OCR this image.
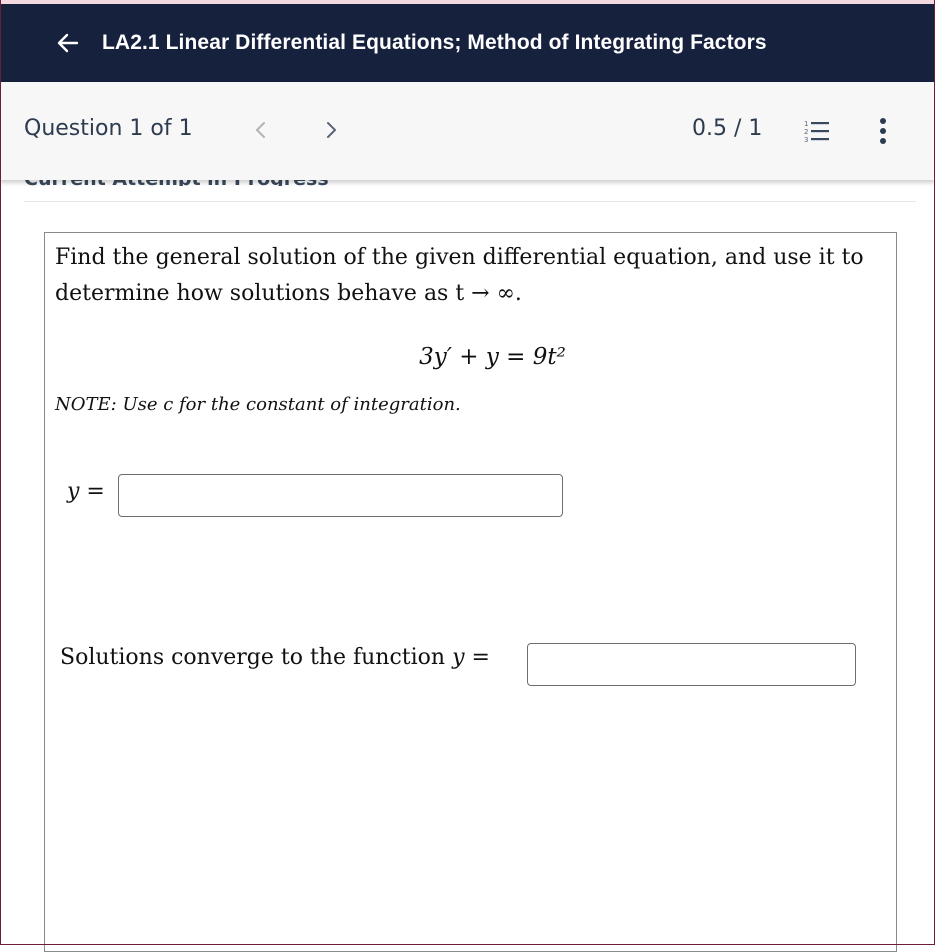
LA2.1 Linear Differential Equations; Method of Integrating Factors
Question 1 of 1	0.5 / 1	1
2
3
Find the general solution of the given differential equation, and use it to determine how solutions behave as t → ∞.
3y′ + y = 9t²
NOTE: Use c for the constant of integration.
y =
Solutions converge to the function y =
